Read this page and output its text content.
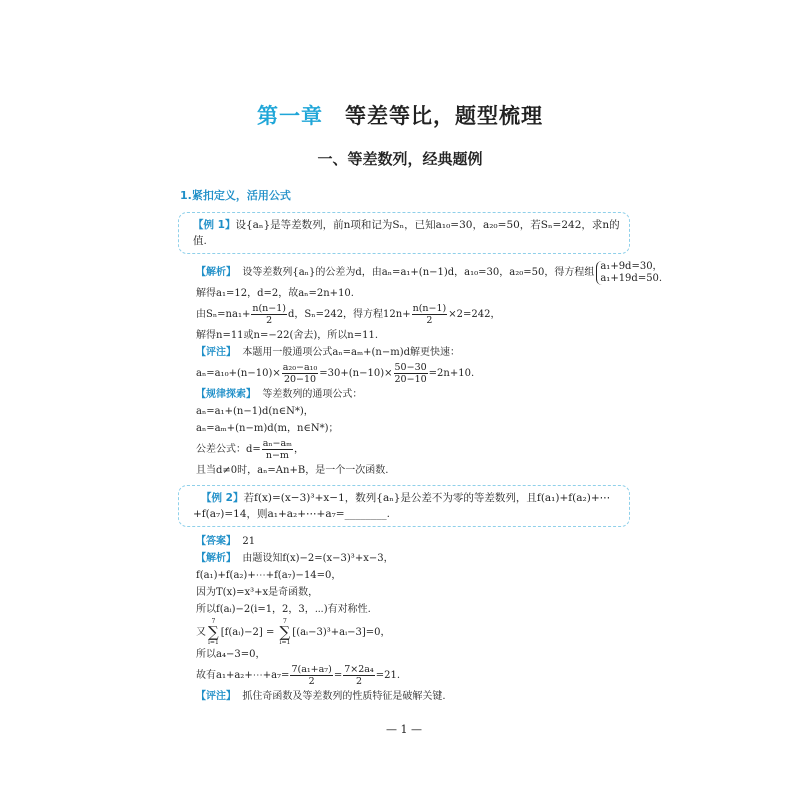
第一章 等差等比，题型梳理
一、等差数列，经典题例
1.紧扣定义，活用公式
【例 1】设{aₙ}是等差数列，前n项和记为Sₙ，已知a₁₀=30，a₂₀=50，若Sₙ=242，求n的值.
【解析】 设等差数列{aₙ}的公差为d，由aₙ=a₁+(n−1)d，a₁₀=30，a₂₀=50，得方程组
a₁+9d=30，
a₁+19d=50.
解得a₁=12，d=2，故aₙ=2n+10.
由$S_n=na_1+ \frac{n(n-1)}{2}$ d，Sₙ=242，得方程$12n+ \frac{n(n-1)}{2} \times 2=242$，
解得n=11或n=−22(舍去)，所以n=11.
【评注】 本题用一般通项公式aₙ=aₘ+(n−m)d解更快速：
$a_n=a_{10}+(n-10)\times \frac{\text{a₂₀−a₁₀}}{20-10} =30+(n-10)\times \frac{50-30}{20-10} =2n+10$.
【规律探索】 等差数列的通项公式：
aₙ=a₁+(n−1)d(n∈N*)，
aₙ=aₘ+(n−m)d(m，n∈N*)；
公差公式：$d= \frac{\text{aₙ−aₘ}}{n-m}$ ，
且当d≠0时，aₙ=An+B，是一个一次函数.
【例 2】若f(x)=(x−3)³+x−1，数列{aₙ}是公差不为零的等差数列，且f(a₁)+f(a₂)+⋯+f(a₇)=14，则a₁+a₂+⋯+a₇=________.
【答案】 21
【解析】 由题设知f(x)−2=(x−3)³+x−3，
f(a₁)+f(a₂)+⋯+f(a₇)−14=0，
因为T(x)=x³+x是奇函数，
所以f(aᵢ)−2(i=1，2，3，⋯)有对称性.
又
7
∑
i=1
[f(aᵢ)−2] =
7
∑
i=1
[(aᵢ−3)³+aᵢ−3]=0，
所以a₄−3=0，
故有a₁+a₂+⋯+a₇= $\frac{\text{7(a₁+a₇)}}{2} = \frac{\text{7×2a₄}}{2} =21$.
【评注】 抓住奇函数及等差数列的性质特征是破解关键.
— 1 —
